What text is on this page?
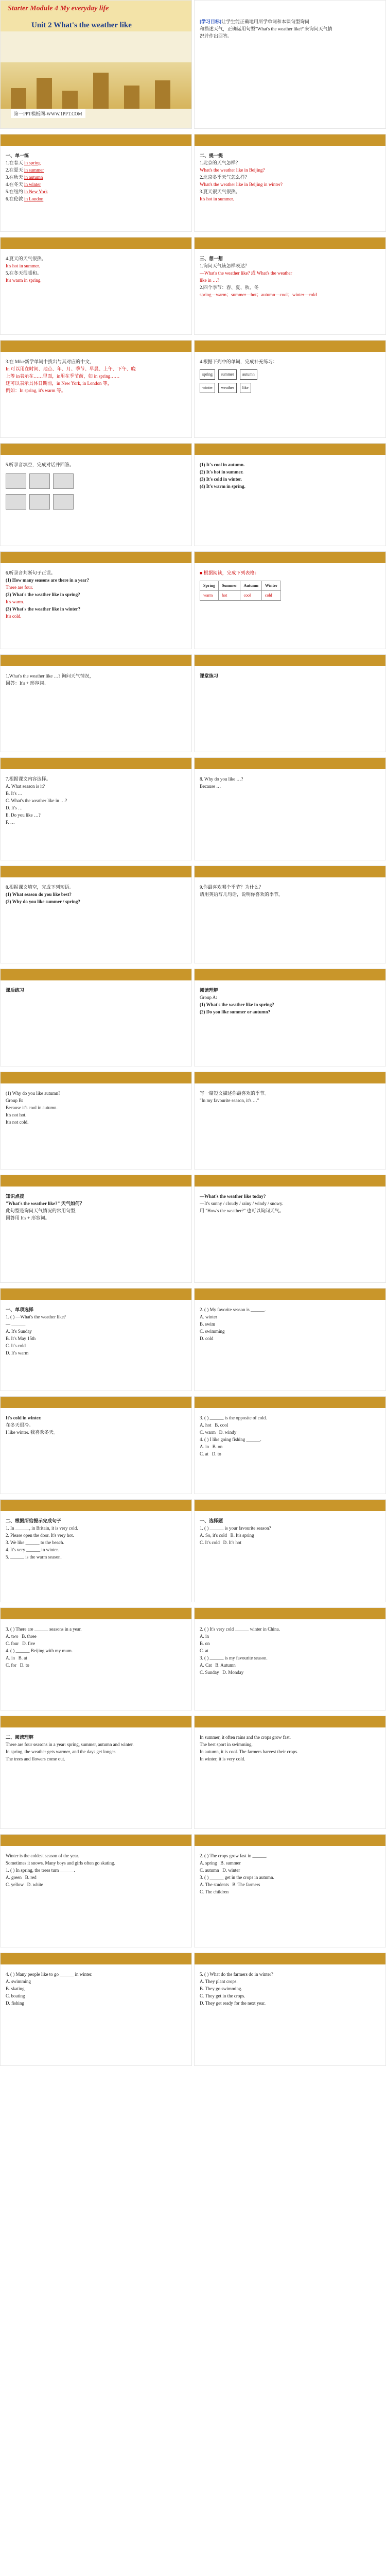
Starter Module 4 My everyday life
Unit 2 What's the weather like
第一PPT模板网-WWW.1PPT.COM
[学习目标]让学生能正确地用所学单词和本课句型询问
和描述天气，正确运用句型"What's the weather like?"来询问天气情
况并作出回答。
一、单一练
1.在春天 in spring
2.在夏天 in summer
3.在秋天 in autumn
4.在冬天 in winter
5.在纽约 in New York
6.在伦敦 in London
二、提一提
1.北京的天气怎样？
What's the weather like in Beijing?
2.北京冬季天气怎么样？
What's the weather like in Beijing in winter?
3.夏天很天气很热。
It's hot in summer.
4.夏天的天气很热。
It's hot in summer.
5.在冬天很暖和。
It's warm in spring.
三、想一想
1.询问天气该怎样表达？
—What's the weather like? 或 What's the weather
like in …?
2.四个季节：春、夏、秋、冬
spring—warm；summer—hot；autumn—cool；winter—cold
3.在 Mike新学单词中找出与其对应的中文，
In 可以用在时间、地点、年、月、季节、早晨、上午、下午、晚
上等 in表示在……里面，in用在季节前，如 in spring……
还可以表示具体日期前，in New York, in London 等，
例如：In spring, it's warm 等。
4.根据下列中的单词，完成补充练习：
spring	summer	autumn
winter	weather	like
5.听录音填空，完成对话并回答。	(1) It's cool in autumn.
(2) It's hot in summer.
(3) It's cold in winter.
(4) It's warm in spring.
6.听录音判断句子正误。
(1) How many seasons are there in a year?
There are four.
(2) What's the weather like in spring?
It's warm.
(3) What's the weather like in winter?
It's cold.
■ 根据阅读，完成下列表格：
Spring	Summer	Autumn	Winter
warm	hot	cool	cold
1.What's the weather like …? 询问天气情况，
回答：It's + 形容词。
课堂练习
7.根据课文内容选择。
A. What season is it?
B. It's …
C. What's the weather like in …?
D. It's …
E. Do you like …?
F. …
8. Why do you like …?
Because …
8.根据课文填空，完成下列短语。
(1) What season do you like best?
(2) Why do you like summer / spring?
9.你最喜欢哪个季节？为什么？
请用英语写几句话，说明你喜欢的季节。
课后练习	阅读理解
Group A:
(1) What's the weather like in spring?
(2) Do you like summer or autumn?
(1) Why do you like autumn?
Group B:
Because it's cool in autumn.
It's not hot.
It's not cold.
写一篇短文描述你最喜欢的季节。
"In my favourite season, it's …"
知识点拨
"What's the weather like?" 天气如何？
此句型是询问天气情况的常用句型，
回答用 It's + 形容词。
—What's the weather like today?
—It's sunny / cloudy / rainy / windy / snowy.
用 "How's the weather?" 也可以询问天气。
一、单项选择
1. ( ) —What's the weather like?
— ______
A. It's Sunday
B. It's May 15th
C. It's cold
D. It's warm
2. ( ) My favorite season is ______.
A. winter
B. swim
C. swimming
D. cold
It's cold in winter.
在冬天很冷。
I like winter. 我喜欢冬天。
3. ( ) ______ is the opposite of cold.
A. hot B. cool
C. warm D. windy
4. ( ) I like going fishing ______.
A. in B. on
C. at D. to
二、根据所给提示完成句子
1. In ______, in Britain, it is very cold.
2. Please open the door. It's very hot.
3. We like ______ to the beach.
4. It's very ______ in winter.
5. ______ is the warm season.
一、选择题
1. ( ) ______ is your favourite season?
A. So, it's cold B. It's spring
C. It's cold D. It's hot
3. ( ) There are ______ seasons in a year.
A. two B. three
C. four D. five
4. ( ) ______ Beijing with my mum.
A. in B. at
C. for D. to
2. ( ) It's very cold ______ winter in China.
A. in
B. on
C. at
3. ( ) ______ is my favourite season.
A. Cat B. Autumn
C. Sunday D. Monday
二、阅读理解
There are four seasons in a year: spring, summer, autumn and winter.
In spring, the weather gets warmer, and the days get longer.
The trees and flowers come out.
In summer, it often rains and the crops grow fast.
The best sport in swimming.
In autumn, it is cool. The farmers harvest their crops.
In winter, it is very cold.
Winter is the coldest season of the year.
Sometimes it snows. Many boys and girls often go skating.
1. ( ) In spring, the trees turn ______.
A. green B. red
C. yellow D. white
2. ( ) The crops grow fast in ______.
A. spring B. summer
C. autumn D. winter
3. ( ) ______ get in the crops in autumn.
A. The students B. The farmers
C. The children
4. ( ) Many people like to go ______ in winter.
A. swimming
B. skating
C. boating
D. fishing
5. ( ) What do the farmers do in winter?
A. They plant crops.
B. They go swimming.
C. They get in the crops.
D. They get ready for the next year.
